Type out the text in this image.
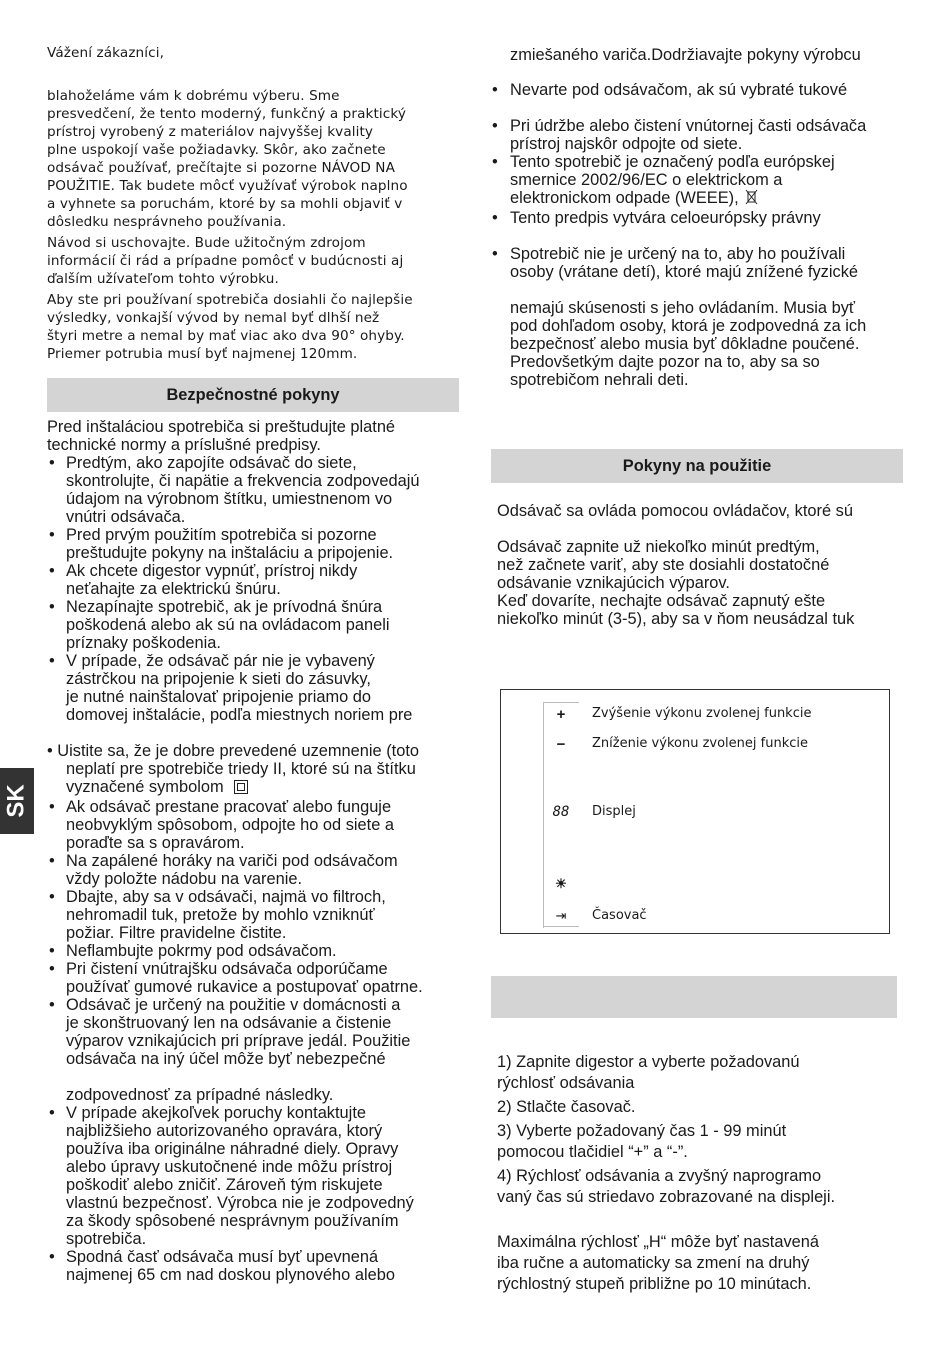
SK

Vážení zákazníci,

blahoželáme vám k dobrému výberu. Sme

presvedčení, že tento moderný, funkčný a praktický

prístroj vyrobený z materiálov najvyššej kvality

plne uspokojí vaše požiadavky. Skôr, ako začnete

odsávač používať, prečítajte si pozorne NÁVOD NA

POUŽITIE. Tak budete môcť využívať výrobok naplno

a vyhnete sa poruchám, ktoré by sa mohli objaviť v

dôsledku nesprávneho používania.

Návod si uschovajte. Bude užitočným zdrojom

informácií či rád a prípadne pomôcť v budúcnosti aj

ďalším užívateľom tohto výrobku.

Aby ste pri používaní spotrebiča dosiahli čo najlepšie

výsledky, vonkajší vývod by nemal byť dlhší než

štyri metre a nemal by mať viac ako dva 90° ohyby.

Priemer potrubia musí byť najmenej 120mm.

Bezpečnostné pokyny

Pred inštaláciou spotrebiča si preštudujte platné

technické normy a príslušné predpisy.

• Predtým, ako zapojíte odsávač do siete,
skontrolujte, či napätie a frekvencia zodpovedajú
údajom na výrobnom štítku, umiestnenom vo
vnútri odsávača.
• Pred prvým použitím spotrebiča si pozorne
preštudujte pokyny na inštaláciu a pripojenie.
• Ak chcete digestor vypnúť, prístroj nikdy
neťahajte za elektrickú šnúru.
• Nezapínajte spotrebič, ak je prívodná šnúra
poškodená alebo ak sú na ovládacom paneli
príznaky poškodenia.
• V prípade, že odsávač pár nie je vybavený
zástrčkou na pripojenie k sieti do zásuvky,
je nutné nainštalovať pripojenie priamo do
domovej inštalácie, podľa miestnych noriem pre
• Uistite sa, že je dobre prevedené uzemnenie (toto
neplatí pre spotrebiče triedy II, ktoré sú na štítku
vyznačené symbolom
• Ak odsávač prestane pracovať alebo funguje
neobvyklým spôsobom, odpojte ho od siete a
poraďte sa s opravárom.
• Na zapálené horáky na variči pod odsávačom
vždy položte nádobu na varenie.
• Dbajte, aby sa v odsávači, najmä vo filtroch,
nehromadil tuk, pretože by mohlo vzniknúť
požiar. Filtre pravidelne čistite.
• Neflambujte pokrmy pod odsávačom.
• Pri čistení vnútrajšku odsávača odporúčame
používať gumové rukavice a postupovať opatrne.
• Odsávač je určený na použitie v domácnosti a
je skonštruovaný len na odsávanie a čistenie
výparov vznikajúcich pri príprave jedál. Použitie
odsávača na iný účel môže byť nebezpečné
zodpovednosť za prípadné následky.
• V prípade akejkoľvek poruchy kontaktujte
najbližšieho autorizovaného opravára, ktorý
používa iba originálne náhradné diely. Opravy
alebo úpravy uskutočnené inde môžu prístroj
poškodiť alebo zničiť. Zároveň tým riskujete
vlastnú bezpečnosť. Výrobca nie je zodpovedný
za škody spôsobené nesprávnym používaním
spotrebiča.
• Spodná časť odsávača musí byť upevnená
najmenej 65 cm nad doskou plynového alebo
zmiešaného variča.Dodržiavajte pokyny výrobcu
• Nevarte pod odsávačom, ak sú vybraté tukové
• Pri údržbe alebo čistení vnútornej časti odsávača
prístroj najskôr odpojte od siete.
• Tento spotrebič je označený podľa európskej
smernice 2002/96/EC o elektrickom a
elektronickom odpade (WEEE),
• Tento predpis vytvára celoeurópsky právny
• Spotrebič nie je určený na to, aby ho používali
osoby (vrátane detí), ktoré majú znížené fyzické
nemajú skúsenosti s jeho ovládaním. Musia byť
pod dohľadom osoby, ktorá je zodpovedná za ich
bezpečnosť alebo musia byť dôkladne poučené.
Predovšetkým dajte pozor na to, aby sa so
spotrebičom nehrali deti.
Pokyny na použitie

Odsávač sa ovláda pomocou ovládačov, ktoré sú

Odsávač zapnite už niekoľko minút predtým,

než začnete variť, aby ste dosiahli dostatočné

odsávanie vznikajúcich výparov.

Keď dovaríte, nechajte odsávač zapnutý ešte

niekoľko minút (3-5), aby sa v ňom neusádzal tuk

+	Zvýšenie výkonu zvolenej funkcie
−	Zníženie výkonu zvolenej funkcie
88	Displej
☀
⇥	Časovač

1) Zapnite digestor a vyberte požadovanú

rýchlosť odsávania

2) Stlačte časovač.

3) Vyberte požadovaný čas 1 - 99 minút

pomocou tlačidiel “+” a “-”.

4) Rýchlosť odsávania a zvyšný naprogramo

vaný čas sú striedavo zobrazované na displeji.

Maximálna rýchlosť „H“ môže byť nastavená

iba ručne a automaticky sa zmení na druhý

rýchlostný stupeň približne po 10 minútach.
